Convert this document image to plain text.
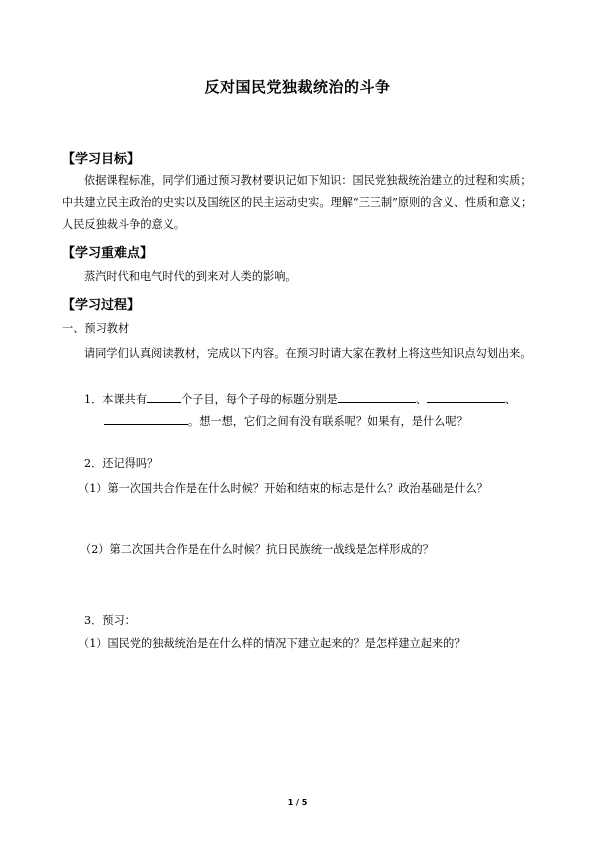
反对国民党独裁统治的斗争
【学习目标】
依据课程标准，同学们通过预习教材要识记如下知识：国民党独裁统治建立的过程和实质；中共建立民主政治的史实以及国统区的民主运动史实。理解“三三制”原则的含义、性质和意义；人民反独裁斗争的意义。
【学习重难点】
蒸汽时代和电气时代的到来对人类的影响。
【学习过程】
一、预习教材
请同学们认真阅读教材，完成以下内容。在预习时请大家在教材上将这些知识点勾划出来。
1．本课共有	个子目，每个子母的标题分别是	、	、
。想一想，它们之间有没有联系呢？如果有，是什么呢？
2．还记得吗？
（1）第一次国共合作是在什么时候？开始和结束的标志是什么？政治基础是什么？
（2）第二次国共合作是在什么时候？抗日民族统一战线是怎样形成的？
3．预习：
（1）国民党的独裁统治是在什么样的情况下建立起来的？是怎样建立起来的？
1 / 5
